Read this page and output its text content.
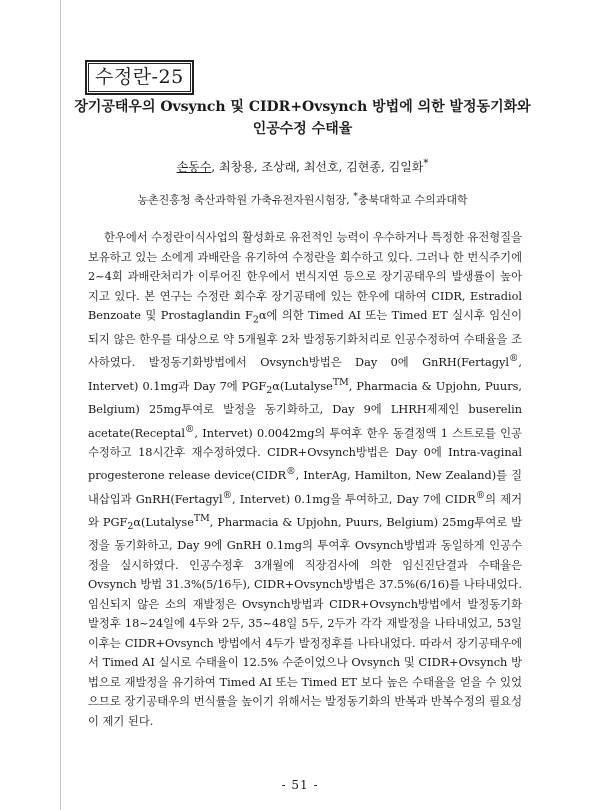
수정란-25
장기공태우의 Ovsynch 및 CIDR+Ovsynch 방법에 의한 발정동기화와
인공수정 수태율
손동수, 최창용, 조상래, 최선호, 김현종, 김일화*
농촌진흥청 축산과학원 가축유전자원시험장, *충북대학교 수의과대학

한우에서 수정란이식사업의 활성화로 유전적인 능력이 우수하거나 특정한 유전형질을 보유하고 있는 소에게 과배란을 유기하여 수정란을 회수하고 있다. 그러나 한 번식주기에 2~4회 과배란처리가 이루어진 한우에서 번식지연 등으로 장기공태우의 발생률이 높아지고 있다. 본 연구는 수정란 회수후 장기공태에 있는 한우에 대하여 CIDR, Estradiol Benzoate 및 Prostaglandin $F_2\alpha$에 의한 Timed AI 또는 Timed ET 실시후 임신이 되지 않은 한우를 대상으로 약 5개월후 2차 발정동기화처리로 인공수정하여 수태율을 조사하였다. 발정동기화방법에서 Ovsynch방법은 Day 0에 GnRH(Fertagyl®, Intervet) 0.1mg과 Day 7에 $PGF_2\alpha(Lutalyse™$, Pharmacia & Upjohn, Puurs, Belgium) 25mg투여로 발정을 동기화하고, Day 9에 LHRH제제인 buserelin acetate(Receptal®, Intervet) 0.0042mg의 투여후 한우 동결정액 1 스트로를 인공수정하고 18시간후 재수정하였다. CIDR+Ovsynch방법은 Day 0에 Intra-vaginal progesterone release device(CIDR®, InterAg, Hamilton, New Zealand)를 질내삽입과 GnRH(Fertagyl®, Intervet) 0.1mg을 투여하고, Day 7에 CIDR®의 제거와 $PGF_2\alpha(Lutalyse™$, Pharmacia & Upjohn, Puurs, Belgium) 25mg투여로 발정을 동기화하고, Day 9에 GnRH 0.1mg의 투여후 Ovsynch방법과 동일하게 인공수정을 실시하였다. 인공수정후 3개월에 직장검사에 의한 임신진단결과 수태율은 Ovsynch 방법 31.3%(5/16두), CIDR+Ovsynch방법은 37.5%(6/16)를 나타내었다. 임신되지 않은 소의 재발정은 Ovsynch방법과 CIDR+Ovsynch방법에서 발정동기화 발정후 18~24일에 4두와 2두, 35~48일 5두, 2두가 각각 재발정을 나타내었고, 53일이후는 CIDR+Ovsynch 방법에서 4두가 발정정후를 나타내었다. 따라서 장기공태우에서 Timed AI 실시로 수태율이 12.5% 수준이었으나 Ovsynch 및 CIDR+Ovsynch 방법으로 재발정을 유기하여 Timed AI 또는 Timed ET 보다 높은 수태율을 얻을 수 있었으므로 장기공태우의 번식률을 높이기 위해서는 발정동기화의 반복과 반복수정의 필요성이 제기 된다.

- 51 -
